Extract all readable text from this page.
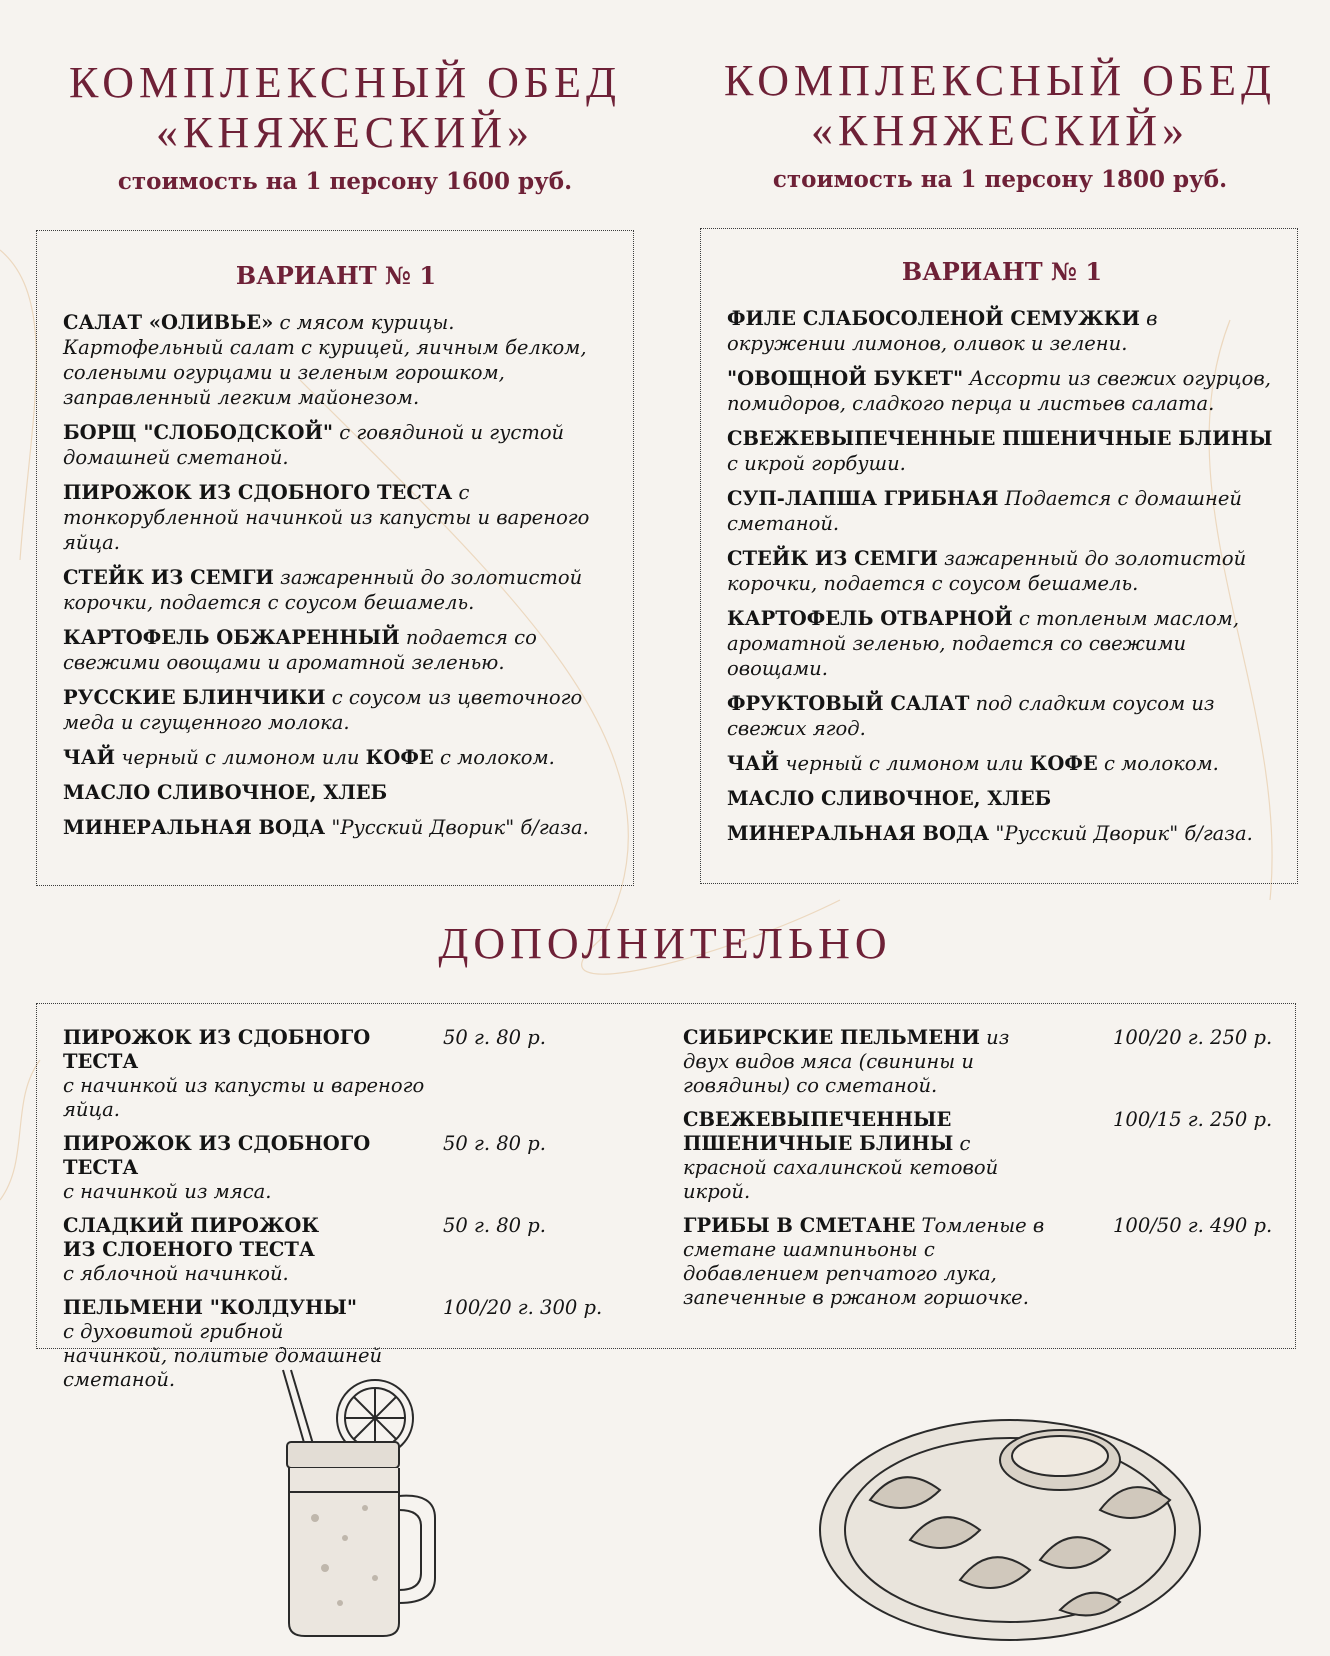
КОМПЛЕКСНЫЙ ОБЕД
«КНЯЖЕСКИЙ»
стоимость на 1 персону 1600 руб.
КОМПЛЕКСНЫЙ ОБЕД
«КНЯЖЕСКИЙ»
стоимость на 1 персону 1800 руб.
ВАРИАНТ № 1
САЛАТ «ОЛИВЬЕ» с мясом курицы. Картофельный салат с курицей, яичным белком, солеными огурцами и зеленым горошком, заправленный легким майонезом.
БОРЩ "СЛОБОДСКОЙ" с говядиной и густой домашней сметаной.
ПИРОЖОК ИЗ СДОБНОГО ТЕСТА с тонкорубленной начинкой из капусты и вареного яйца.
СТЕЙК ИЗ СЕМГИ зажаренный до золотистой корочки, подается с соусом бешамель.
КАРТОФЕЛЬ ОБЖАРЕННЫЙ подается со свежими овощами и ароматной зеленью.
РУССКИЕ БЛИНЧИКИ с соусом из цветочного меда и сгущенного молока.
ЧАЙ черный с лимоном или КОФЕ с молоком.
МАСЛО СЛИВОЧНОЕ, ХЛЕБ
МИНЕРАЛЬНАЯ ВОДА "Русский Дворик" б/газа.
ВАРИАНТ № 1
ФИЛЕ СЛАБОСОЛЕНОЙ СЕМУЖКИ в окружении лимонов, оливок и зелени.
"ОВОЩНОЙ БУКЕТ" Ассорти из свежих огурцов, помидоров, сладкого перца и листьев салата.
СВЕЖЕВЫПЕЧЕННЫЕ ПШЕНИЧНЫЕ БЛИНЫ с икрой горбуши.
СУП-ЛАПША ГРИБНАЯ Подается с домашней сметаной.
СТЕЙК ИЗ СЕМГИ зажаренный до золотистой корочки, подается с соусом бешамель.
КАРТОФЕЛЬ ОТВАРНОЙ с топленым маслом, ароматной зеленью, подается со свежими овощами.
ФРУКТОВЫЙ САЛАТ под сладким соусом из свежих ягод.
ЧАЙ черный с лимоном или КОФЕ с молоком.
МАСЛО СЛИВОЧНОЕ, ХЛЕБ
МИНЕРАЛЬНАЯ ВОДА "Русский Дворик" б/газа.
ДОПОЛНИТЕЛЬНО
ПИРОЖОК ИЗ СДОБНОГО ТЕСТА
с начинкой из капусты и вареного яйца.
50 г. 80 р.
ПИРОЖОК ИЗ СДОБНОГО ТЕСТА
с начинкой из мяса.
50 г. 80 р.
СЛАДКИЙ ПИРОЖОК ИЗ СЛОЕНОГО ТЕСТА
с яблочной начинкой.
50 г. 80 р.
ПЕЛЬМЕНИ "КОЛДУНЫ"
с духовитой грибной начинкой, политые домашней сметаной.
100/20 г. 300 р.
СИБИРСКИЕ ПЕЛЬМЕНИ из двух видов мяса (свинины и говядины) со сметаной.
100/20 г. 250 р.
СВЕЖЕВЫПЕЧЕННЫЕ ПШЕНИЧНЫЕ БЛИНЫ с красной сахалинской кетовой икрой.
100/15 г. 250 р.
ГРИБЫ В СМЕТАНЕ Томленые в сметане шампиньоны с добавлением репчатого лука, запеченные в ржаном горшочке.
100/50 г. 490 р.
